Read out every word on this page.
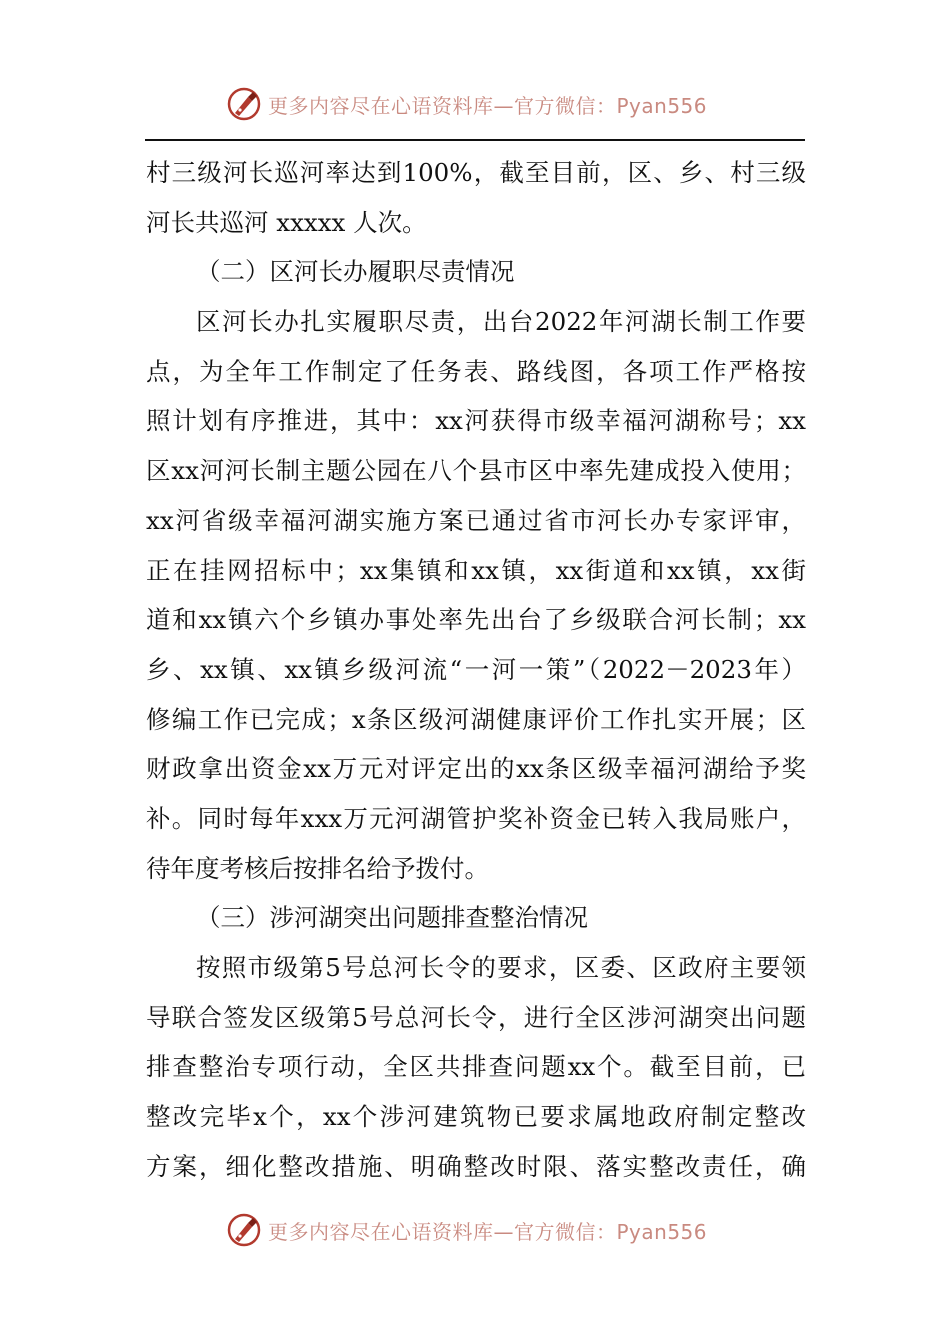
更多内容尽在心语资料库—官方微信：Pyan556
村三级河长巡河率达到100%，截至目前，区、乡、村三级
河长共巡河 xxxxx 人次。
（二）区河长办履职尽责情况
区河长办扎实履职尽责，出台2022年河湖长制工作要
点，为全年工作制定了任务表、路线图，各项工作严格按
照计划有序推进，其中：xx河获得市级幸福河湖称号；xx
区xx河河长制主题公园在八个县市区中率先建成投入使用；
xx河省级幸福河湖实施方案已通过省市河长办专家评审，
正在挂网招标中；xx集镇和xx镇，xx街道和xx镇，xx街
道和xx镇六个乡镇办事处率先出台了乡级联合河长制；xx
乡、xx镇、xx镇乡级河流“一河一策”（2022－2023年）
修编工作已完成；x条区级河湖健康评价工作扎实开展；区
财政拿出资金xx万元对评定出的xx条区级幸福河湖给予奖
补。同时每年xxx万元河湖管护奖补资金已转入我局账户，
待年度考核后按排名给予拨付。
（三）涉河湖突出问题排查整治情况
按照市级第5号总河长令的要求，区委、区政府主要领
导联合签发区级第5号总河长令，进行全区涉河湖突出问题
排查整治专项行动，全区共排查问题xx个。截至目前，已
整改完毕x个，xx个涉河建筑物已要求属地政府制定整改
方案，细化整改措施、明确整改时限、落实整改责任，确
更多内容尽在心语资料库—官方微信：Pyan556
